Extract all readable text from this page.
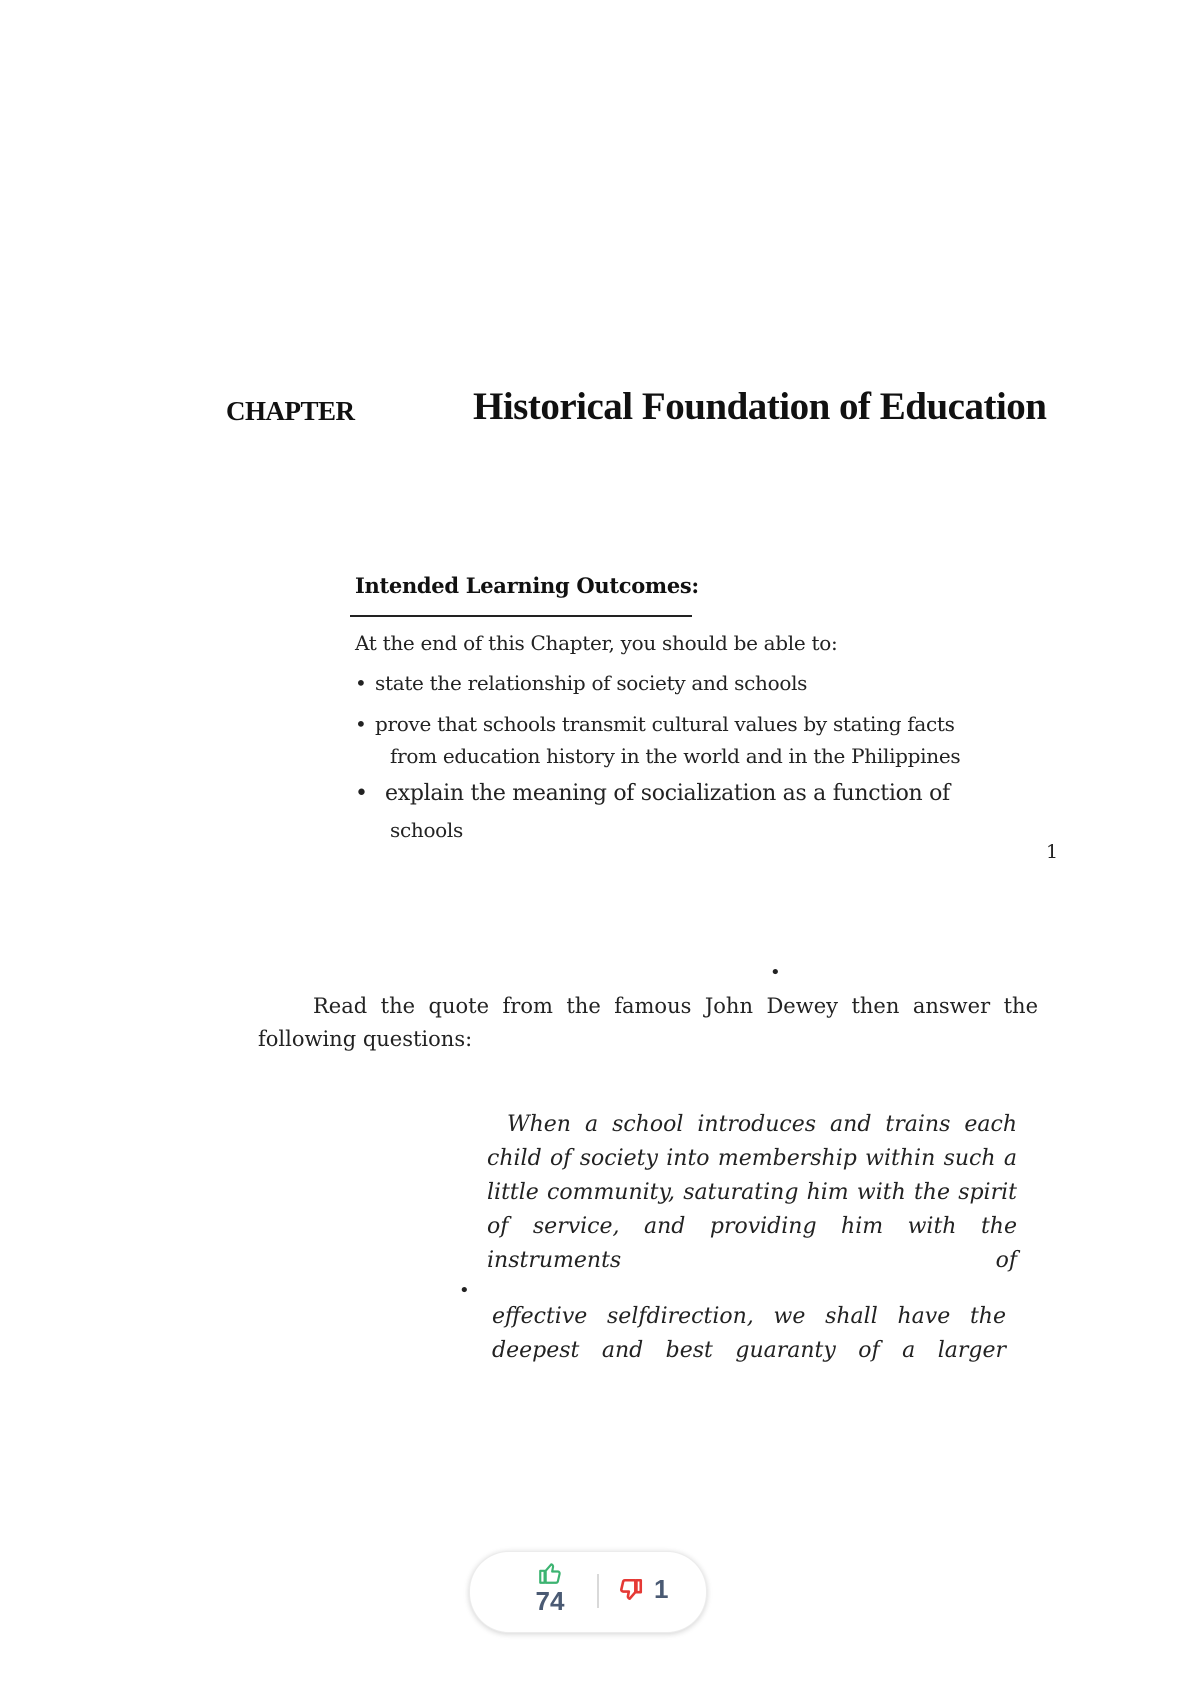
CHAPTER	Historical Foundation of Education
Intended Learning Outcomes:
At the end of this Chapter, you should be able to:
• state the relationship of society and schools
• prove that schools transmit cultural values by stating facts
from education history in the world and in the Philippines
• explain the meaning of socialization as a function of
schools
1
•
Read the quote from the famous John Dewey then answer the following questions:
When a school introduces and trains each child of society into membership within such a little community, saturating him with the spirit of service, and providing him with the instruments of
•
effective selfdirection, we shall have the deepest and best guaranty of a larger
74	1
